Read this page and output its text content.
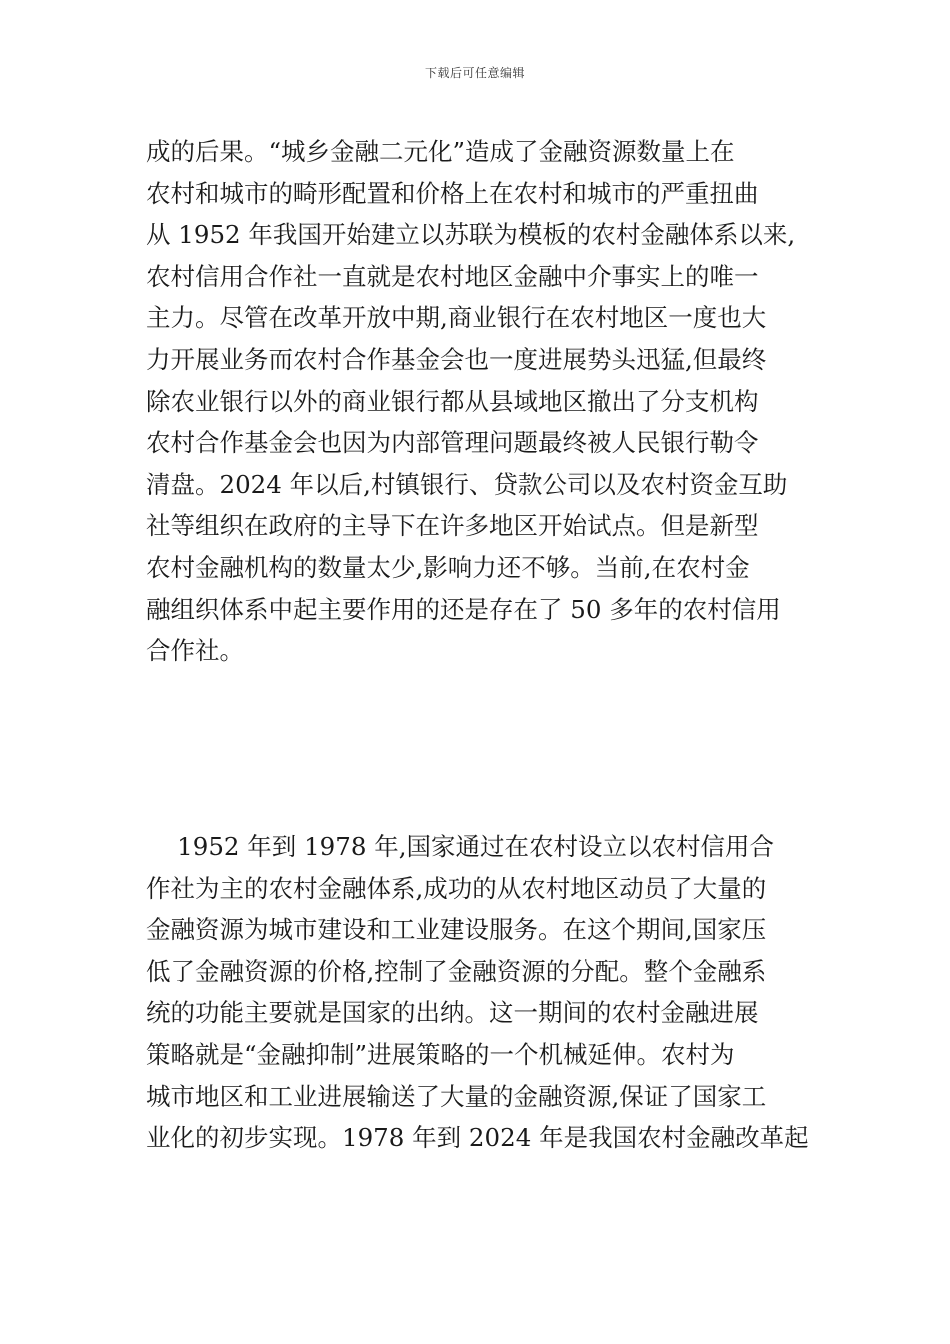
下载后可任意编辑
成的后果。“城乡金融二元化”造成了金融资源数量上在
农村和城市的畸形配置和价格上在农村和城市的严重扭曲
从 1952 年我国开始建立以苏联为模板的农村金融体系以来,
农村信用合作社一直就是农村地区金融中介事实上的唯一
主力。尽管在改革开放中期,商业银行在农村地区一度也大
力开展业务而农村合作基金会也一度进展势头迅猛,但最终
除农业银行以外的商业银行都从县域地区撤出了分支机构
农村合作基金会也因为内部管理问题最终被人民银行勒令
清盘。2024 年以后,村镇银行、贷款公司以及农村资金互助
社等组织在政府的主导下在许多地区开始试点。但是新型
农村金融机构的数量太少,影响力还不够。当前,在农村金
融组织体系中起主要作用的还是存在了 50 多年的农村信用
合作社。
1952 年到 1978 年,国家通过在农村设立以农村信用合
作社为主的农村金融体系,成功的从农村地区动员了大量的
金融资源为城市建设和工业建设服务。在这个期间,国家压
低了金融资源的价格,控制了金融资源的分配。整个金融系
统的功能主要就是国家的出纳。这一期间的农村金融进展
策略就是“金融抑制”进展策略的一个机械延伸。农村为
城市地区和工业进展输送了大量的金融资源,保证了国家工
业化的初步实现。1978 年到 2024 年是我国农村金融改革起
